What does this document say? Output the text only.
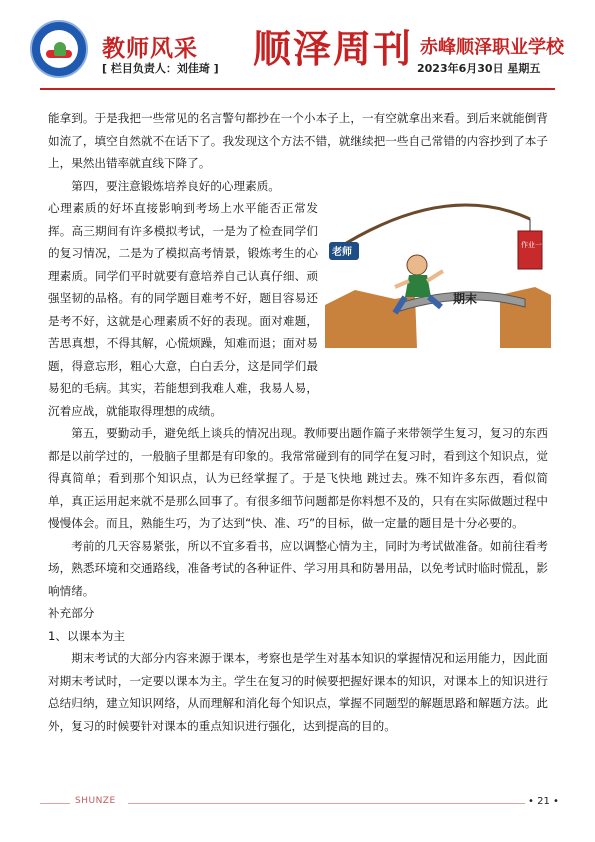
教师风采
[ 栏目负责人：刘佳琦 ] 顺泽周刊 赤峰顺泽职业学校
2023年6月30日 星期五
期末
作业一本
老师

能拿到。于是我把一些常见的名言警句都抄在一个小本子上，一有空就拿出来看。到后来就能倒背如流了，填空自然就不在话下了。我发现这个方法不错，就继续把一些自己常错的内容抄到了本子上，果然出错率就直线下降了。

第四，要注意锻炼培养良好的心理素质。

心理素质的好坏直接影响到考场上水平能否正常发挥。高三期间有许多模拟考试，一是为了检查同学们的复习情况，二是为了模拟高考情景，锻炼考生的心理素质。同学们平时就要有意培养自己认真仔细、顽强坚韧的品格。有的同学题目难考不好，题目容易还是考不好，这就是心理素质不好的表现。面对难题，苦思真想，不得其解，心慌烦躁，知难而退；面对易题，得意忘形，粗心大意，白白丢分，这是同学们最易犯的毛病。其实，若能想到我难人难，我易人易，沉着应战，就能取得理想的成绩。

第五，要勤动手，避免纸上谈兵的情况出现。教师要出题作篇子来带领学生复习，复习的东西都是以前学过的，一般脑子里都是有印象的。我常常碰到有的同学在复习时，看到这个知识点，觉得真简单；看到那个知识点，认为已经掌握了。于是飞快地 跳过去。殊不知许多东西，看似简单，真正运用起来就不是那么回事了。有很多细节问题都是你料想不及的，只有在实际做题过程中慢慢体会。而且，熟能生巧，为了达到“快、准、巧”的目标，做一定量的题目是十分必要的。

考前的几天容易紧张，所以不宜多看书，应以调整心情为主，同时为考试做准备。如前往看考场，熟悉环境和交通路线，准备考试的各种证件、学习用具和防暑用品，以免考试时临时慌乱，影响情绪。

补充部分

1、以课本为主

期末考试的大部分内容来源于课本，考察也是学生对基本知识的掌握情况和运用能力，因此面对期末考试时，一定要以课本为主。学生在复习的时候要把握好课本的知识，对课本上的知识进行总结归纳，建立知识网络，从而理解和消化每个知识点，掌握不同题型的解题思路和解题方法。此外，复习的时候要针对课本的重点知识进行强化，达到提高的目的。

SHUNZE	• 21 •
